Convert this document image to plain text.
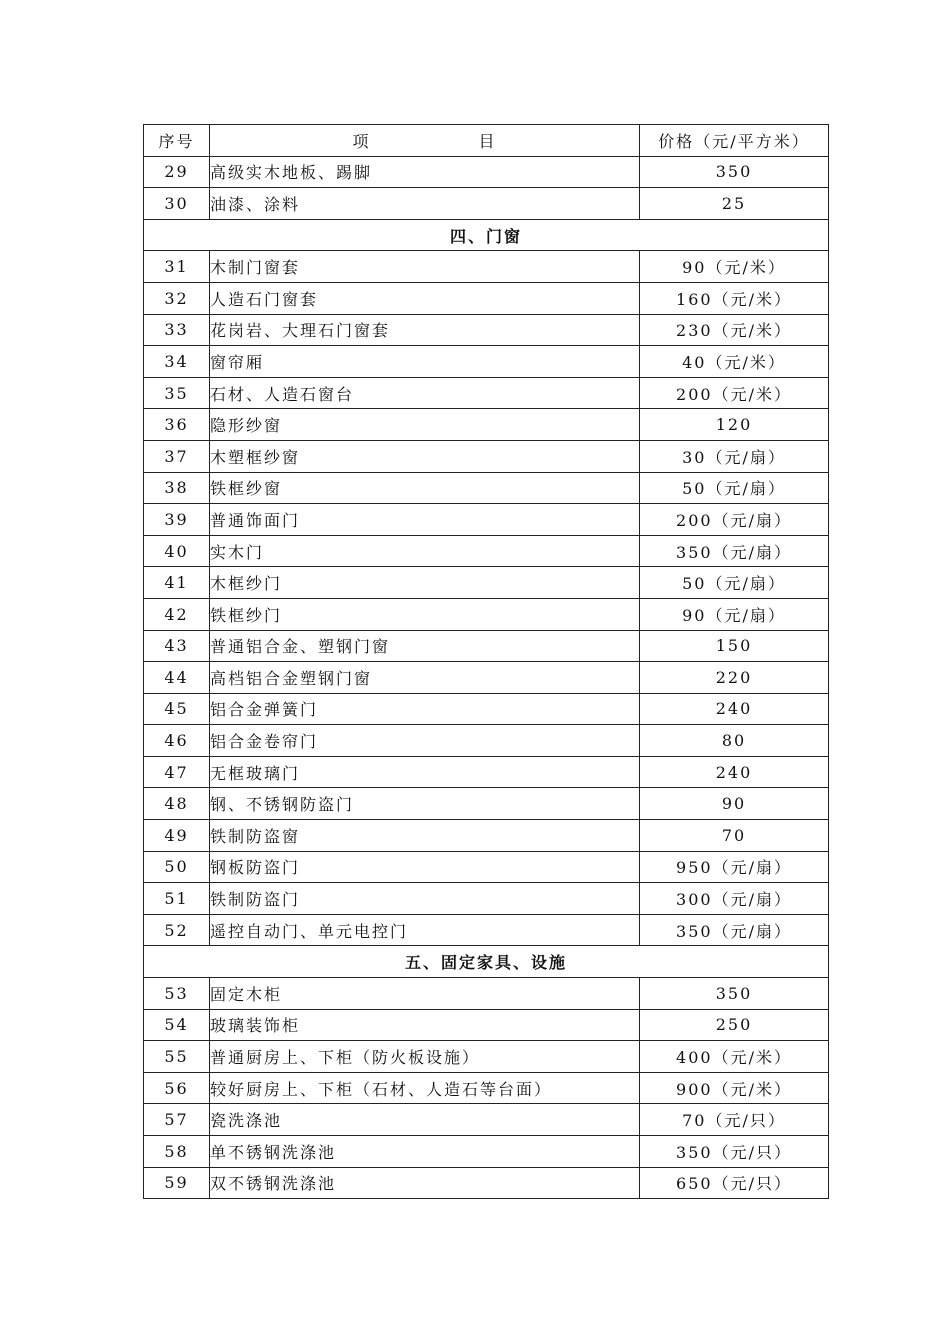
序号	项 目	价格（元/平方米）
29	高级实木地板、踢脚	350
30	油漆、涂料	25
四、门窗		
31	木制门窗套	90（元/米）
32	人造石门窗套	160（元/米）
33	花岗岩、大理石门窗套	230（元/米）
34	窗帘厢	40（元/米）
35	石材、人造石窗台	200（元/米）
36	隐形纱窗	120
37	木塑框纱窗	30（元/扇）
38	铁框纱窗	50（元/扇）
39	普通饰面门	200（元/扇）
40	实木门	350（元/扇）
41	木框纱门	50（元/扇）
42	铁框纱门	90（元/扇）
43	普通铝合金、塑钢门窗	150
44	高档铝合金塑钢门窗	220
45	铝合金弹簧门	240
46	铝合金卷帘门	80
47	无框玻璃门	240
48	钢、不锈钢防盗门	90
49	铁制防盗窗	70
50	钢板防盗门	950（元/扇）
51	铁制防盗门	300（元/扇）
52	遥控自动门、单元电控门	350（元/扇）
五、固定家具、设施		
53	固定木柜	350
54	玻璃装饰柜	250
55	普通厨房上、下柜（防火板设施）	400（元/米）
56	较好厨房上、下柜（石材、人造石等台面）	900（元/米）
57	瓷洗涤池	70（元/只）
58	单不锈钢洗涤池	350（元/只）
59	双不锈钢洗涤池	650（元/只）
